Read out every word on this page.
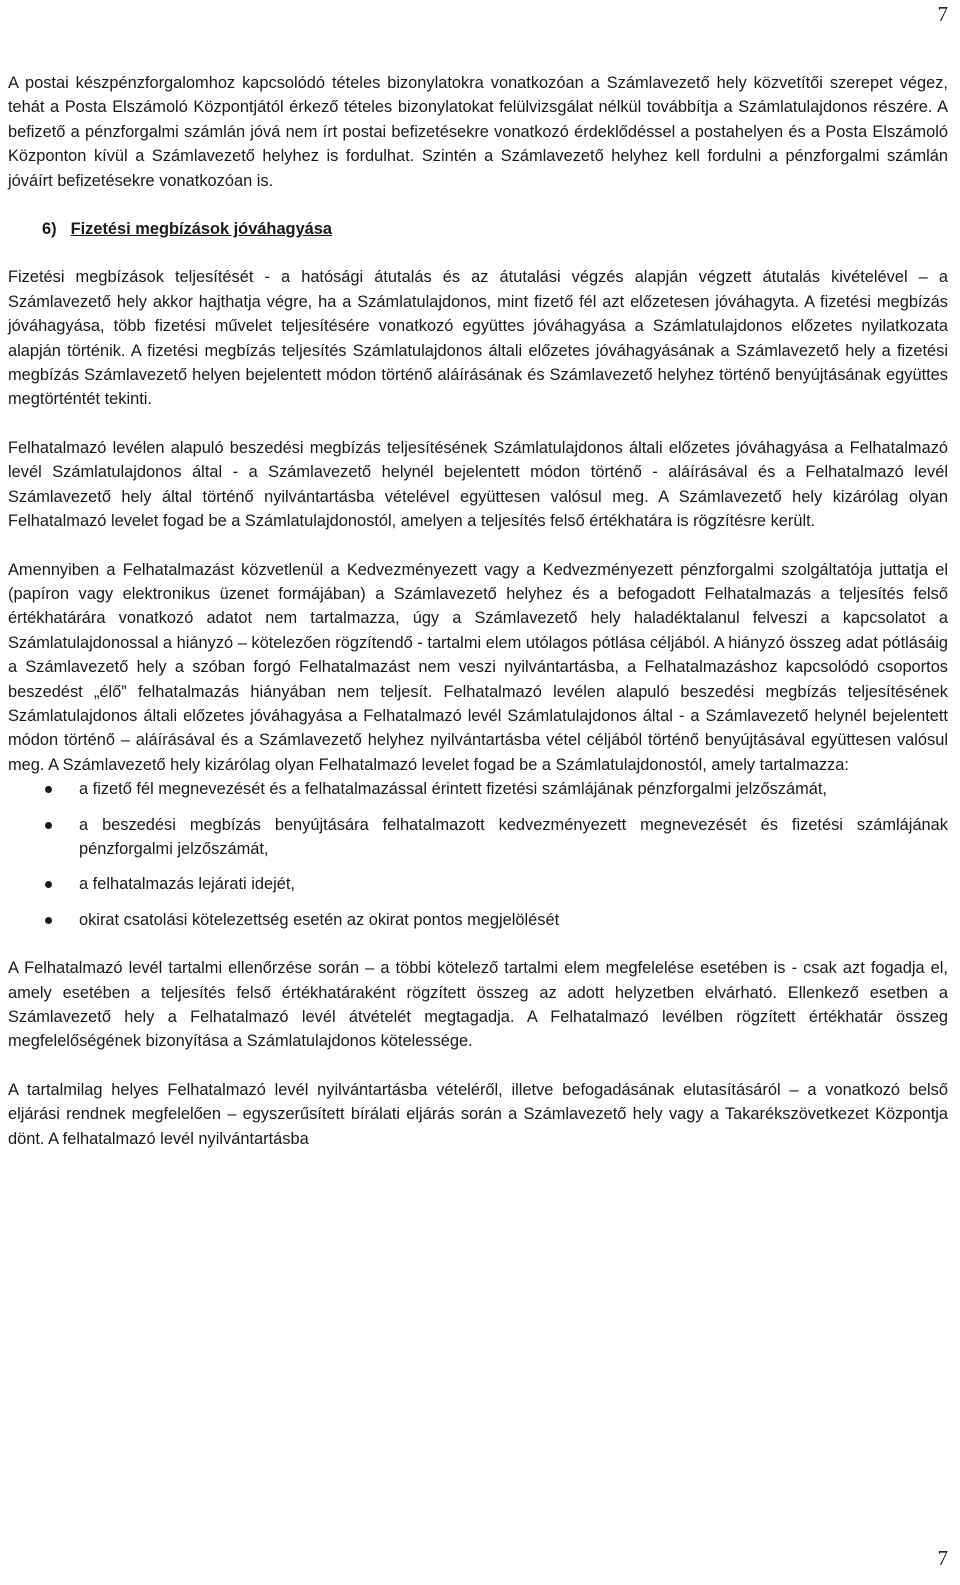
7

A postai készpénzforgalomhoz kapcsolódó tételes bizonylatokra vonatkozóan a Számlavezető hely közvetítői szerepet végez, tehát a Posta Elszámoló Központjától érkező tételes bizonylatokat felülvizsgálat nélkül továbbítja a Számlatulajdonos részére. A befizető a pénzforgalmi számlán jóvá nem írt postai befizetésekre vonatkozó érdeklődéssel a postahelyen és a Posta Elszámoló Központon kívül a Számlavezető helyhez is fordulhat. Szintén a Számlavezető helyhez kell fordulni a pénzforgalmi számlán jóváírt befizetésekre vonatkozóan is.

6) Fizetési megbízások jóváhagyása

Fizetési megbízások teljesítését - a hatósági átutalás és az átutalási végzés alapján végzett átutalás kivételével – a Számlavezető hely akkor hajthatja végre, ha a Számlatulajdonos, mint fizető fél azt előzetesen jóváhagyta. A fizetési megbízás jóváhagyása, több fizetési művelet teljesítésére vonatkozó együttes jóváhagyása a Számlatulajdonos előzetes nyilatkozata alapján történik. A fizetési megbízás teljesítés Számlatulajdonos általi előzetes jóváhagyásának a Számlavezető hely a fizetési megbízás Számlavezető helyen bejelentett módon történő aláírásának és Számlavezető helyhez történő benyújtásának együttes megtörténtét tekinti.

Felhatalmazó levélen alapuló beszedési megbízás teljesítésének Számlatulajdonos általi előzetes jóváhagyása a Felhatalmazó levél Számlatulajdonos által - a Számlavezető helynél bejelentett módon történő - aláírásával és a Felhatalmazó levél Számlavezető hely által történő nyilvántartásba vételével együttesen valósul meg. A Számlavezető hely kizárólag olyan Felhatalmazó levelet fogad be a Számlatulajdonostól, amelyen a teljesítés felső értékhatára is rögzítésre került.

Amennyiben a Felhatalmazást közvetlenül a Kedvezményezett vagy a Kedvezményezett pénzforgalmi szolgáltatója juttatja el (papíron vagy elektronikus üzenet formájában) a Számlavezető helyhez és a befogadott Felhatalmazás a teljesítés felső értékhatárára vonatkozó adatot nem tartalmazza, úgy a Számlavezető hely haladéktalanul felveszi a kapcsolatot a Számlatulajdonossal a hiányzó – kötelezően rögzítendő - tartalmi elem utólagos pótlása céljából. A hiányzó összeg adat pótlásáig a Számlavezető hely a szóban forgó Felhatalmazást nem veszi nyilvántartásba, a Felhatalmazáshoz kapcsolódó csoportos beszedést „élő” felhatalmazás hiányában nem teljesít. Felhatalmazó levélen alapuló beszedési megbízás teljesítésének Számlatulajdonos általi előzetes jóváhagyása a Felhatalmazó levél Számlatulajdonos által - a Számlavezető helynél bejelentett módon történő – aláírásával és a Számlavezető helyhez nyilvántartásba vétel céljából történő benyújtásával együttesen valósul meg. A Számlavezető hely kizárólag olyan Felhatalmazó levelet fogad be a Számlatulajdonostól, amely tartalmazza:

a fizető fél megnevezését és a felhatalmazással érintett fizetési számlájának pénzforgalmi jelzőszámát,
a beszedési megbízás benyújtására felhatalmazott kedvezményezett megnevezését és fizetési számlájának pénzforgalmi jelzőszámát,
a felhatalmazás lejárati idejét,
okirat csatolási kötelezettség esetén az okirat pontos megjelölését

A Felhatalmazó levél tartalmi ellenőrzése során – a többi kötelező tartalmi elem megfelelése esetében is - csak azt fogadja el, amely esetében a teljesítés felső értékhatáraként rögzített összeg az adott helyzetben elvárható. Ellenkező esetben a Számlavezető hely a Felhatalmazó levél átvételét megtagadja. A Felhatalmazó levélben rögzített értékhatár összeg megfelelőségének bizonyítása a Számlatulajdonos kötelessége.

A tartalmilag helyes Felhatalmazó levél nyilvántartásba vételéről, illetve befogadásának elutasításáról – a vonatkozó belső eljárási rendnek megfelelően – egyszerűsített bírálati eljárás során a Számlavezető hely vagy a Takarékszövetkezet Központja dönt. A felhatalmazó levél nyilvántartásba

7
